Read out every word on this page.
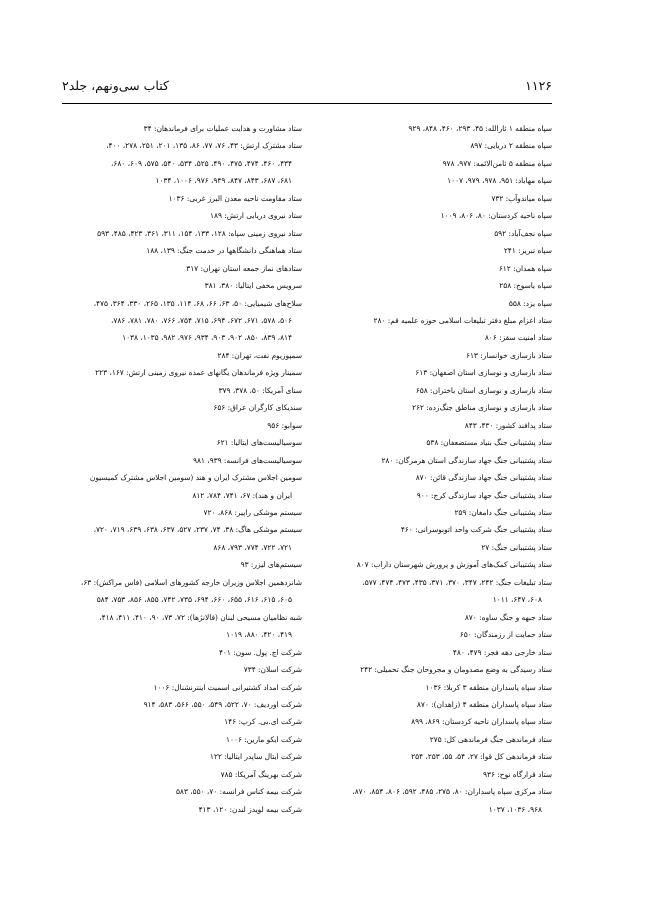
۱۱۲۶
کتاب سی‌ونهم، جلد۲
سپاه منطقه ۱ ثارالله: ۴۵، ۲۹۳، ۴۶۰، ۸۴۸، ۹۲۹
سپاه منطقه ۲ دریایی: ۸۹۷
سپاه منطقه ۵ ثامن‌الائمه: ۹۷۷، ۹۷۸
سپاه مهاباد: ۹۵۱، ۹۷۸، ۹۷۹، ۱۰۰۷
سپاه میاندوآب: ۷۳۲
سپاه ناحیه کردستان: ۸۰، ۸۰۶، ۱۰۰۹
سپاه نجف‌آباد: ۵۹۲
سپاه تبریز: ۲۴۱
سپاه همدان: ۶۱۲
سپاه یاسوج: ۲۵۸
سپاه یزد: ۵۵۸
ستاد اعزام مبلغ دفتر تبلیغات اسلامی حوزه علمیه قم: ۲۸۰
ستاد امنیت سقز: ۸۰۶
ستاد بازسازی خوانسار: ۶۱۳
ستاد بازسازی و نوسازی استان اصفهان: ۶۱۳
ستاد بازسازی و نوسازی استان باختران: ۶۵۸
ستاد بازسازی و نوسازی مناطق جنگ‌زده: ۲۶۲
ستاد پدافند کشور: ۴۳۰، ۸۴۳
ستاد پشتیبانی جنگ بنیاد مستضعفان: ۵۳۸
ستاد پشتیبانی جنگ جهاد سازندگی استان هرمزگان: ۲۸۰
ستاد پشتیبانی جنگ جهاد سازندگی قائن: ۸۷۰
ستاد پشتیبانی جنگ جهاد سازندگی کرج: ۹۰۰
ستاد پشتیبانی جنگ دامغان: ۲۵۹
ستاد پشتیبانی جنگ شرکت واحد اتوبوسرانی: ۴۶۰
ستاد پشتیبانی جنگ: ۲۷
ستاد پشتیبانی کمک‌های آموزش و پرورش شهرستان داراب: ۸۰۷
ستاد تبلیغات جنگ: ۲۴۲، ۳۴۷، ۳۷۰، ۳۷۱، ۴۳۵، ۴۷۳، ۴۷۴، ۵۷۷،
۶۰۸، ۶۴۷، ۱۰۱۱
ستاد جبهه و جنگ ساوه: ۸۷۰
ستاد حمایت از رزمندگان: ۶۵۰
ستاد خارجی دهه فجر: ۴۷۹، ۴۸۰
ستاد رسیدگی به وضع مصدومان و مجروحان جنگ تحمیلی: ۲۴۲
ستاد سپاه پاسداران منطقه ۳ کربلا: ۱۰۳۶
ستاد سپاه پاسداران منطقه ۴ (زاهدان): ۸۷۰
ستاد سپاه پاسداران ناحیه کردستان: ۸۶۹، ۸۹۹
ستاد فرماندهی جنگ فرماندهی کل: ۲۷۵
ستاد فرماندهی کل قوا: ۲۷، ۵۴، ۵۵، ۲۵۳، ۲۵۴
ستاد قرارگاه نوح: ۹۳۶
ستاد مرکزی سپاه پاسداران: ۸۰، ۲۷۵، ۴۸۵، ۵۹۲، ۸۰۶، ۸۵۴، ۸۷۰،
۹۶۸، ۱۰۳۶، ۱۰۳۷
ستاد مشاورت و هدایت عملیات برای فرماندهان: ۳۴
ستاد مشترک ارتش: ۴۳، ۷۶، ۷۷، ۸۶، ۱۳۵، ۲۰۱، ۲۵۱، ۲۷۸، ۴۰۰،
۴۳۴، ۴۶۰، ۴۷۴، ۴۷۵، ۴۹۰، ۵۲۵، ۵۳۴، ۵۴۰، ۵۷۵، ۶۰۹، ۶۸۰،
۶۸۱، ۶۸۷، ۸۴۳، ۸۴۷، ۹۴۹، ۹۷۶، ۱۰۰۶، ۱۰۳۴
ستاد مقاومت ناحیه معدن البرز غربی: ۱۰۳۶
ستاد نیروی دریایی ارتش: ۱۸۹
ستاد نیروی زمینی سپاه: ۱۲۸، ۱۳۳، ۱۵۴، ۳۱۱، ۳۶۱، ۴۲۳، ۴۸۵، ۵۹۳
ستاد هماهنگی دانشگاهها در خدمت جنگ: ۱۳۹، ۱۸۸
ستادهای نماز جمعه استان تهران: ۳۱۷
سرویس مخفی ایتالیا: ۳۸۰، ۳۸۱
سلاح‌های شیمیایی: ۵۰، ۶۳، ۶۶، ۶۸، ۱۱۴، ۱۳۵، ۲۶۵، ۳۳۰، ۳۶۴، ۴۷۵،
۵۰۶، ۵۷۸، ۶۷۱، ۶۷۲، ۶۹۴، ۷۱۵، ۷۵۴، ۷۶۶، ۷۸۰، ۷۸۱، ۷۸۶،
۸۱۴، ۸۳۹، ۸۵۰، ۹۰۲، ۹۰۳، ۹۳۴، ۹۷۶، ۹۸۲، ۱۰۳۵، ۱۰۳۸
سمپوزیوم نفت، تهران: ۲۸۴
سمینار ویژه فرماندهان یگانهای عمده نیروی زمینی ارتش: ۱۶۷، ۲۲۳
سنای آمریکا: ۵۰، ۳۷۸، ۳۷۹
سندیکای کارگران عراق: ۶۵۶
سوابو: ۹۵۶
سوسیالیست‌های ایتالیا: ۶۲۱
سوسیالیست‌های فرانسه: ۹۳۹، ۹۸۱
سومین اجلاس مشترک ایران و هند (سومین اجلاس مشترک کمیسیون
ایران و هند): ۶۷، ۷۴۱، ۷۸۴، ۸۱۲
سیستم موشکی راپیر: ۸۶۸، ۷۲۰
سیستم موشکی هاگ: ۳۸، ۷۴، ۲۳۷، ۵۲۷، ۶۳۷، ۶۳۸، ۶۳۹، ۷۱۹، ۷۲۰،
۷۲۱، ۷۲۲، ۷۷۴، ۷۹۳، ۸۶۸
سیستم‌های لیزر: ۹۳
شانزدهمین اجلاس وزیران خارجه کشورهای اسلامی (فاس مراکش): ۶۳،
۶۰۵، ۶۱۵، ۶۱۶، ۶۵۵، ۶۶۰، ۶۹۴، ۷۳۵، ۷۴۲، ۸۵۵، ۸۵۶، ۷۵۳، ۵۸۴
شبه نظامیان مسیحی لبنان (فالانژها): ۷۲، ۷۳، ۹۰، ۴۱۰، ۴۱۱، ۴۱۸،
۴۱۹، ۴۲۰، ۸۸۰، ۱۰۱۹
شرکت اچ. پول. سون: ۴۰۱
شرکت اسلان: ۷۳۴
شرکت امداد کشتیرانی اسمیت اینترنشنال: ۱۰۰۶
شرکت اوردیف: ۷۰، ۵۲۲، ۵۴۹، ۵۵۰، ۵۶۶، ۵۸۳، ۹۱۴
شرکت ای.بی. کرپ: ۱۴۶
شرکت ایکو مارین: ۱۰۰۶
شرکت ایتال ساپدر ایتالیا: ۱۲۲
شرکت بهرینگ آمریکا: ۷۸۵
شرکت بیمه کناس فرانسه: ۷۰، ۵۵۰، ۵۸۳
شرکت بیمه لویدز لندن: ۱۲۰، ۴۱۳
